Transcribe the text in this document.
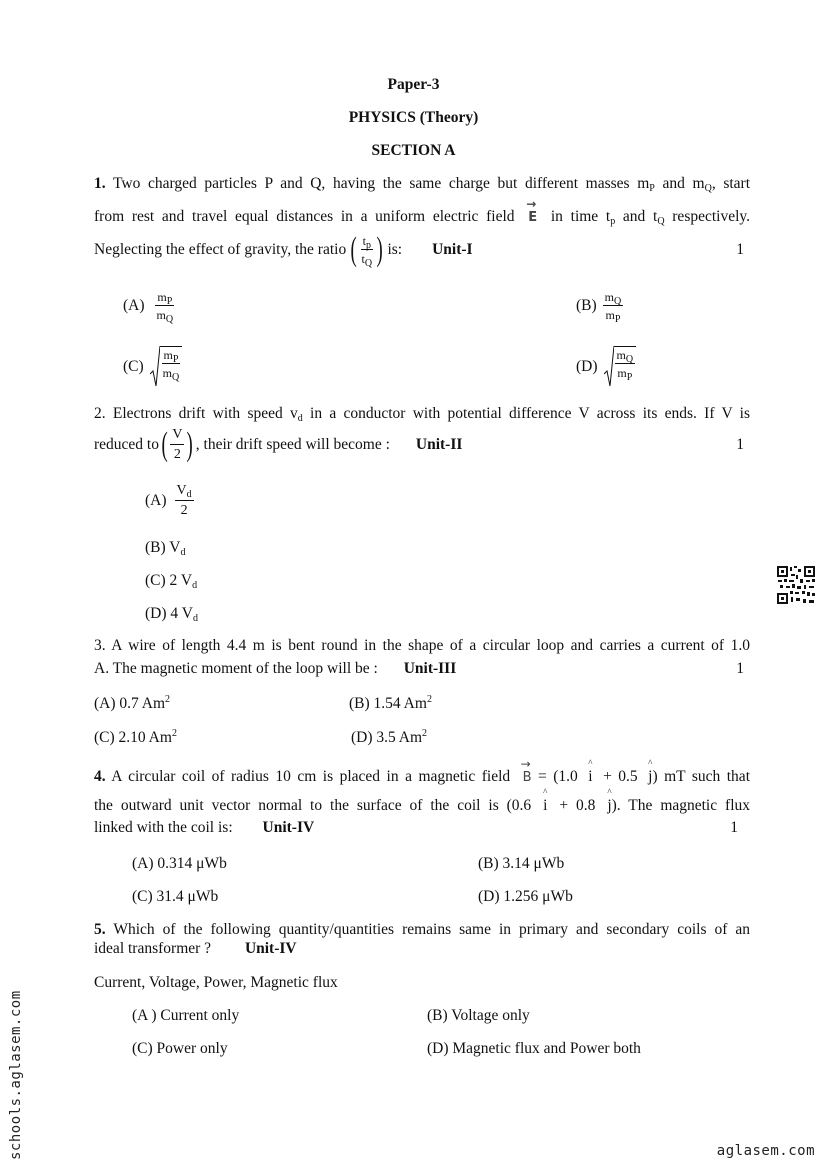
Paper-3
PHYSICS (Theory)
SECTION A
1. Two charged particles P and Q, having the same charge but different masses $m_P$ and $m_Q$, start
from rest and travel equal distances in a uniform electric field
→
E in time $t_p$ and $t_Q$ respectively.
Neglecting the effect of gravity, the ratio ( $\frac{t_p}{t_Q}$ ) is: Unit-I	1
$(A) \frac{m_P}{m_Q}$	$(B) \frac{m_Q}{m_P}$
$(C) \frac{m_P}{m_Q}$	$(D) \frac{m_Q}{m_P}$
2. Electrons drift with speed $v_d$ in a conductor with potential difference V across its ends. If V is
reduced to ( $\frac{V}{2}$ ) , their drift speed will become : Unit-II	1
$(A) \frac{V_d}{2}$
(B) $V_d$
(C) 2 $V_d$
(D) 4 $V_d$
3. A wire of length 4.4 m is bent round in the shape of a circular loop and carries a current of 1.0
A. The magnetic moment of the loop will be : Unit-III	1
(A) 0.7 Am$^2$	(B) 1.54 Am$^2$
(C) 2.10 Am$^2$	(D) 3.5 Am$^2$
4. A circular coil of radius 10 cm is placed in a magnetic field
→
B = (1.0
^
i + 0.5
^
j) mT such that
the outward unit vector normal to the surface of the coil is (0.6
^
i + 0.8
^
j). The magnetic flux
linked with the coil is: Unit-IV	1
(A) 0.314 μWb	(B) 3.14 μWb
(C) 31.4 μWb	(D) 1.256 μWb
5. Which of the following quantity/quantities remains same in primary and secondary coils of an
ideal transformer ? Unit-IV
Current, Voltage, Power, Magnetic flux
(A ) Current only	(B) Voltage only
(C) Power only	(D) Magnetic flux and Power both
schools.aglasem.com	aglasem.com
